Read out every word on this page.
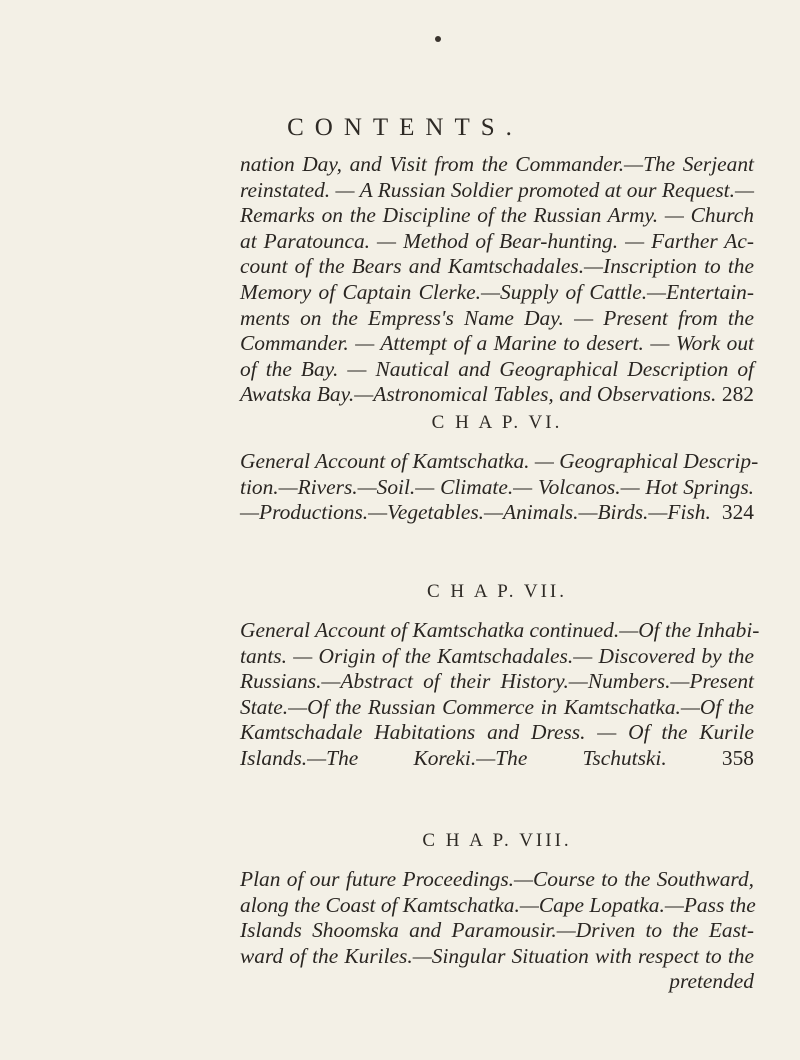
CONTENTS.
nation Day, and Visit from the Commander.—The Serjeant
reinstated. — A Russian Soldier promoted at our Request.—
Remarks on the Discipline of the Russian Army. — Church
at Paratounca. — Method of Bear-hunting. — Farther Ac-
count of the Bears and Kamtschadales.—Inscription to the
Memory of Captain Clerke.—Supply of Cattle.—Entertain-
ments on the Empress's Name Day. — Present from the
Commander. — Attempt of a Marine to desert. — Work out
of the Bay. — Nautical and Geographical Description of
Awatska Bay.—Astronomical Tables, and Observations. 282
C H A P. VI.
General Account of Kamtschatka. — Geographical Descrip-
tion.—Rivers.—Soil.— Climate.— Volcanos.— Hot Springs.
—Productions.—Vegetables.—Animals.—Birds.—Fish. 324
C H A P. VII.
General Account of Kamtschatka continued.—Of the Inhabi-
tants. — Origin of the Kamtschadales.— Discovered by the
Russians.—Abstract of their History.—Numbers.—Present
State.—Of the Russian Commerce in Kamtschatka.—Of the
Kamtschadale Habitations and Dress. — Of the Kurile
Islands.—The Koreki.—The Tschutski.	358
C H A P. VIII.
Plan of our future Proceedings.—Course to the Southward,
along the Coast of Kamtschatka.—Cape Lopatka.—Pass the
Islands Shoomska and Paramousir.—Driven to the East-
ward of the Kuriles.—Singular Situation with respect to the
pretended
